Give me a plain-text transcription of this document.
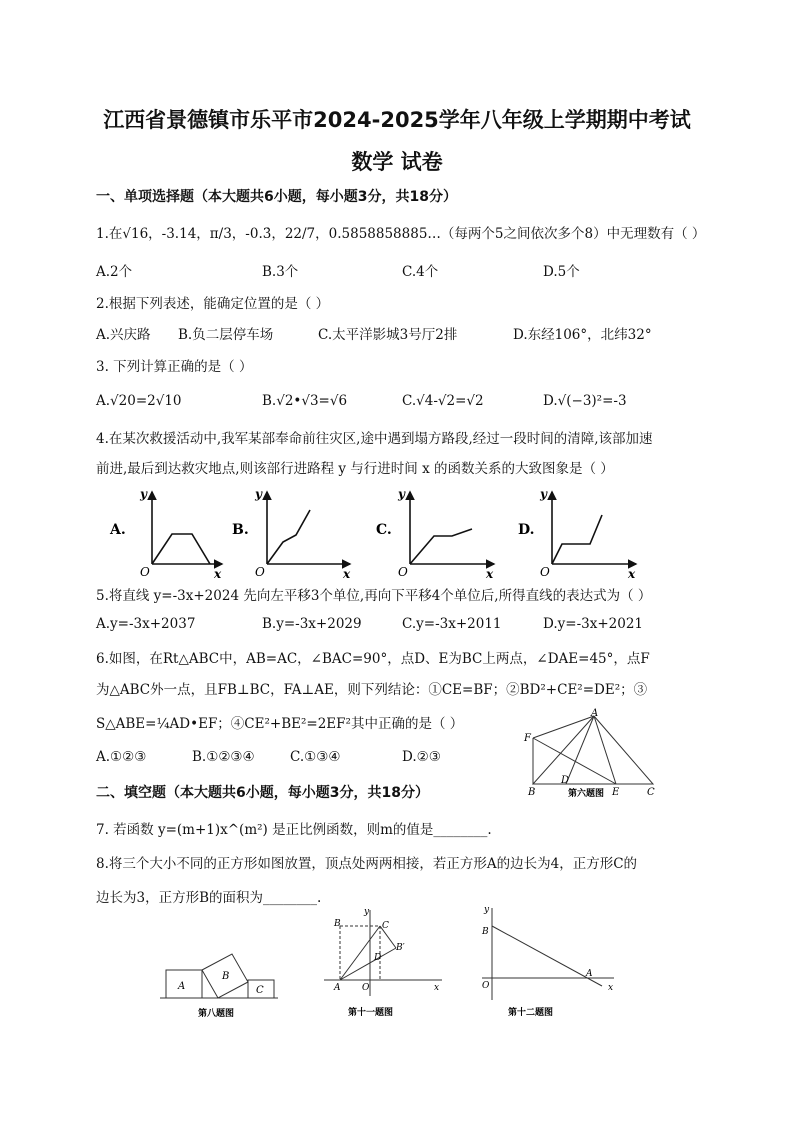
江西省景德镇市乐平市2024-2025学年八年级上学期期中考试
数学 试卷
一、单项选择题（本大题共6小题，每小题3分，共18分）
1.在√16，-3.14，π/3，-0.3̇，22/7，0.5858858885…（每两个5之间依次多个8）中无理数有（ ）
A.2个	B.3个	C.4个	D.5个
2.根据下列表述，能确定位置的是（ ）
A.兴庆路 B.负二层停车场	C.太平洋影城3号厅2排	D.东经106°，北纬32°
3. 下列计算正确的是（ ）
A.√20=2√10	B.√2•√3=√6	C.√4-√2=√2	D.√(−3)²=-3
4.在某次救援活动中,我军某部奉命前往灾区,途中遇到塌方路段,经过一段时间的清障,该部加速
前进,最后到达救灾地点,则该部行进路程 y 与行进时间 x 的函数关系的大致图象是（ ）
A.
y
O	x
B.
y
O	x
C.
y
O	x
D.
y
O	x
5.将直线 y=-3x+2024 先向左平移3个单位,再向下平移4个单位后,所得直线的表达式为（ ）
A.y=-3x+2037	B.y=-3x+2029	C.y=-3x+2011	D.y=-3x+2021
6.如图，在Rt△ABC中，AB=AC，∠BAC=90°，点D、E为BC上两点，∠DAE=45°，点F
为△ABC外一点，且FB⊥BC，FA⊥AE，则下列结论：①CE=BF；②BD²+CE²=DE²；③
S△ABE=¼AD•EF；④CE²+BE²=2EF²其中正确的是（ ）
A.①②③	B.①②③④	C.①③④	D.②③
A
F
B
D
E	C
第六题图
二、填空题（本大题共6小题，每小题3分，共18分）
7. 若函数 y=(m+1)x^(m²) 是正比例函数，则m的值是________.
8.将三个大小不同的正方形如图放置，顶点处两两相接，若正方形A的边长为4，正方形C的
边长为3，正方形B的面积为________.
A
B
C
第八题图
y
B	C
B′
D
A O	x
第十一题图
y
B
O
A
x
第十二题图
